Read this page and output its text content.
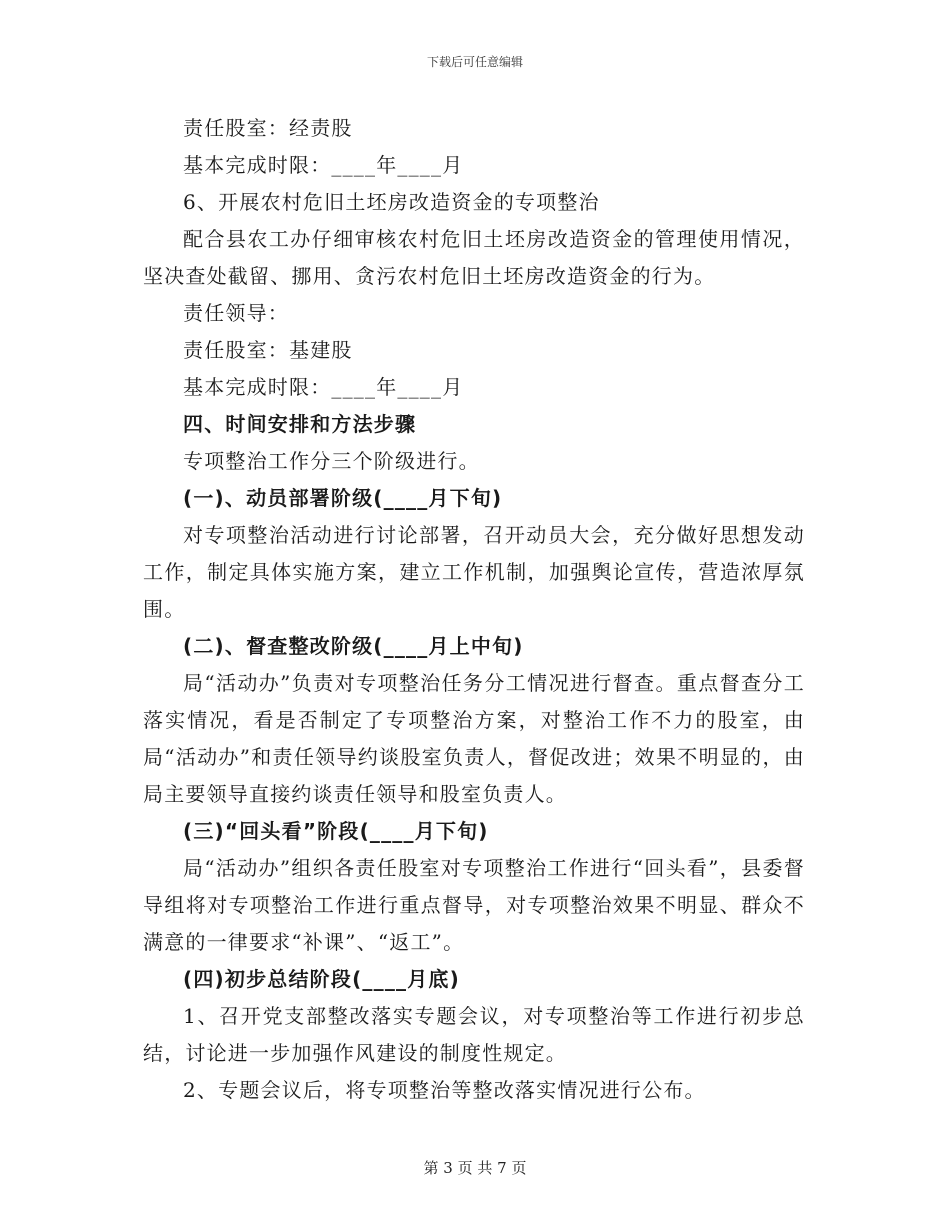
下载后可任意编辑

责任股室：经责股

基本完成时限：____年____月

6、开展农村危旧土坯房改造资金的专项整治

配合县农工办仔细审核农村危旧土坯房改造资金的管理使用情况，坚决查处截留、挪用、贪污农村危旧土坯房改造资金的行为。

责任领导：

责任股室：基建股

基本完成时限：____年____月

四、时间安排和方法步骤

专项整治工作分三个阶级进行。

(一)、动员部署阶级(____月下旬)

对专项整治活动进行讨论部署，召开动员大会，充分做好思想发动工作，制定具体实施方案，建立工作机制，加强舆论宣传，营造浓厚氛围。

(二)、督查整改阶级(____月上中旬)

局“活动办”负责对专项整治任务分工情况进行督查。重点督查分工落实情况，看是否制定了专项整治方案，对整治工作不力的股室，由局“活动办”和责任领导约谈股室负责人，督促改进；效果不明显的，由局主要领导直接约谈责任领导和股室负责人。

(三)“回头看”阶段(____月下旬)

局“活动办”组织各责任股室对专项整治工作进行“回头看”，县委督导组将对专项整治工作进行重点督导，对专项整治效果不明显、群众不满意的一律要求“补课”、“返工”。

(四)初步总结阶段(____月底)

1、召开党支部整改落实专题会议，对专项整治等工作进行初步总结，讨论进一步加强作风建设的制度性规定。

2、专题会议后，将专项整治等整改落实情况进行公布。

第 3 页 共 7 页
